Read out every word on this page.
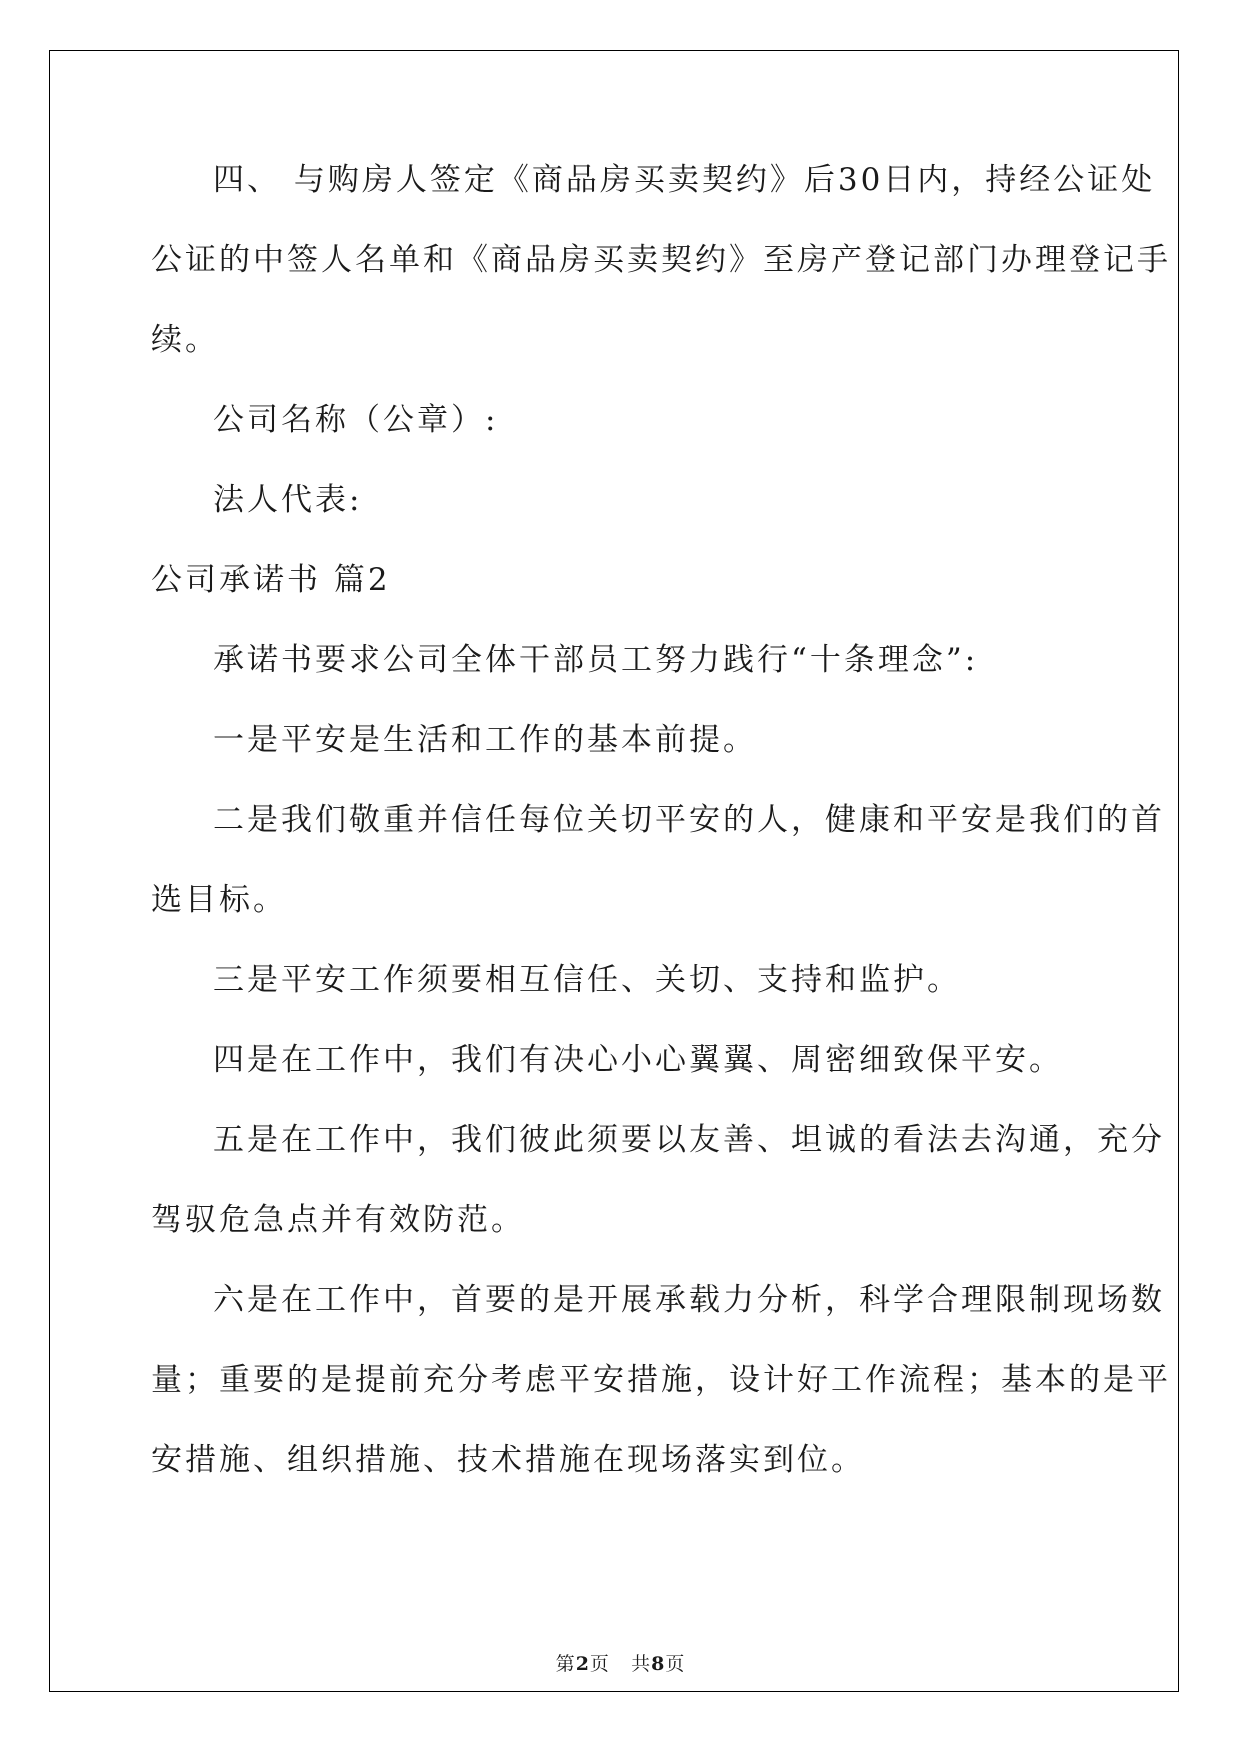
四、 与购房人签定《商品房买卖契约》后30日内，持经公证处
公证的中签人名单和《商品房买卖契约》至房产登记部门办理登记手
续。
公司名称（公章）:
法人代表:
公司承诺书 篇2
承诺书要求公司全体干部员工努力践行“十条理念”:
一是平安是生活和工作的基本前提。
二是我们敬重并信任每位关切平安的人，健康和平安是我们的首
选目标。
三是平安工作须要相互信任、关切、支持和监护。
四是在工作中，我们有决心小心翼翼、周密细致保平安。
五是在工作中，我们彼此须要以友善、坦诚的看法去沟通，充分
驾驭危急点并有效防范。
六是在工作中，首要的是开展承载力分析，科学合理限制现场数
量；重要的是提前充分考虑平安措施，设计好工作流程；基本的是平
安措施、组织措施、技术措施在现场落实到位。
第2页 共8页
